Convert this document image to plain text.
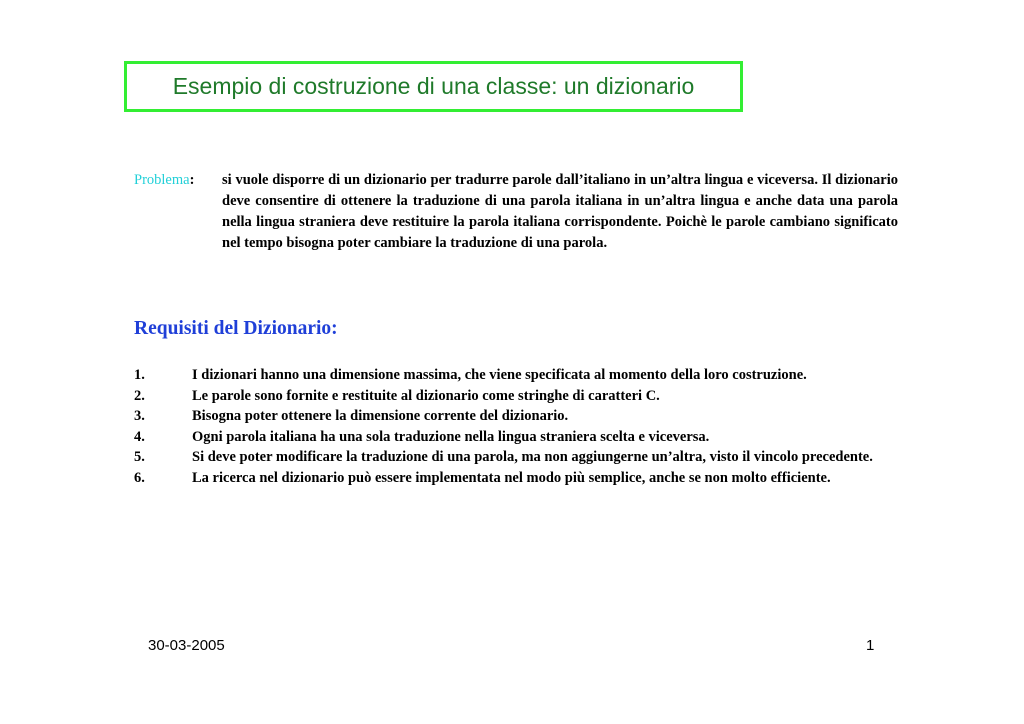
Esempio di costruzione di una classe: un dizionario
Problema:	si vuole disporre di un dizionario per tradurre parole dall’italiano in un’altra lingua e viceversa. Il dizionario deve consentire di ottenere la traduzione di una parola italiana in un’altra lingua e anche data una parola nella lingua straniera deve restituire la parola italiana corrispondente. Poichè le parole cambiano significato nel tempo bisogna poter cambiare la traduzione di una parola.
Requisiti del Dizionario:
1.	I dizionari hanno una dimensione massima, che viene specificata al momento della loro costruzione.
2.	Le parole sono fornite e restituite al dizionario come stringhe di caratteri C.
3.	Bisogna poter ottenere la dimensione corrente del dizionario.
4.	Ogni parola italiana ha una sola traduzione nella lingua straniera scelta e viceversa.
5.	Si deve poter modificare la traduzione di una parola, ma non aggiungerne un’altra, visto il vincolo precedente.
6.	La ricerca nel dizionario può essere implementata nel modo più semplice, anche se non molto efficiente.
30-03-2005	1
